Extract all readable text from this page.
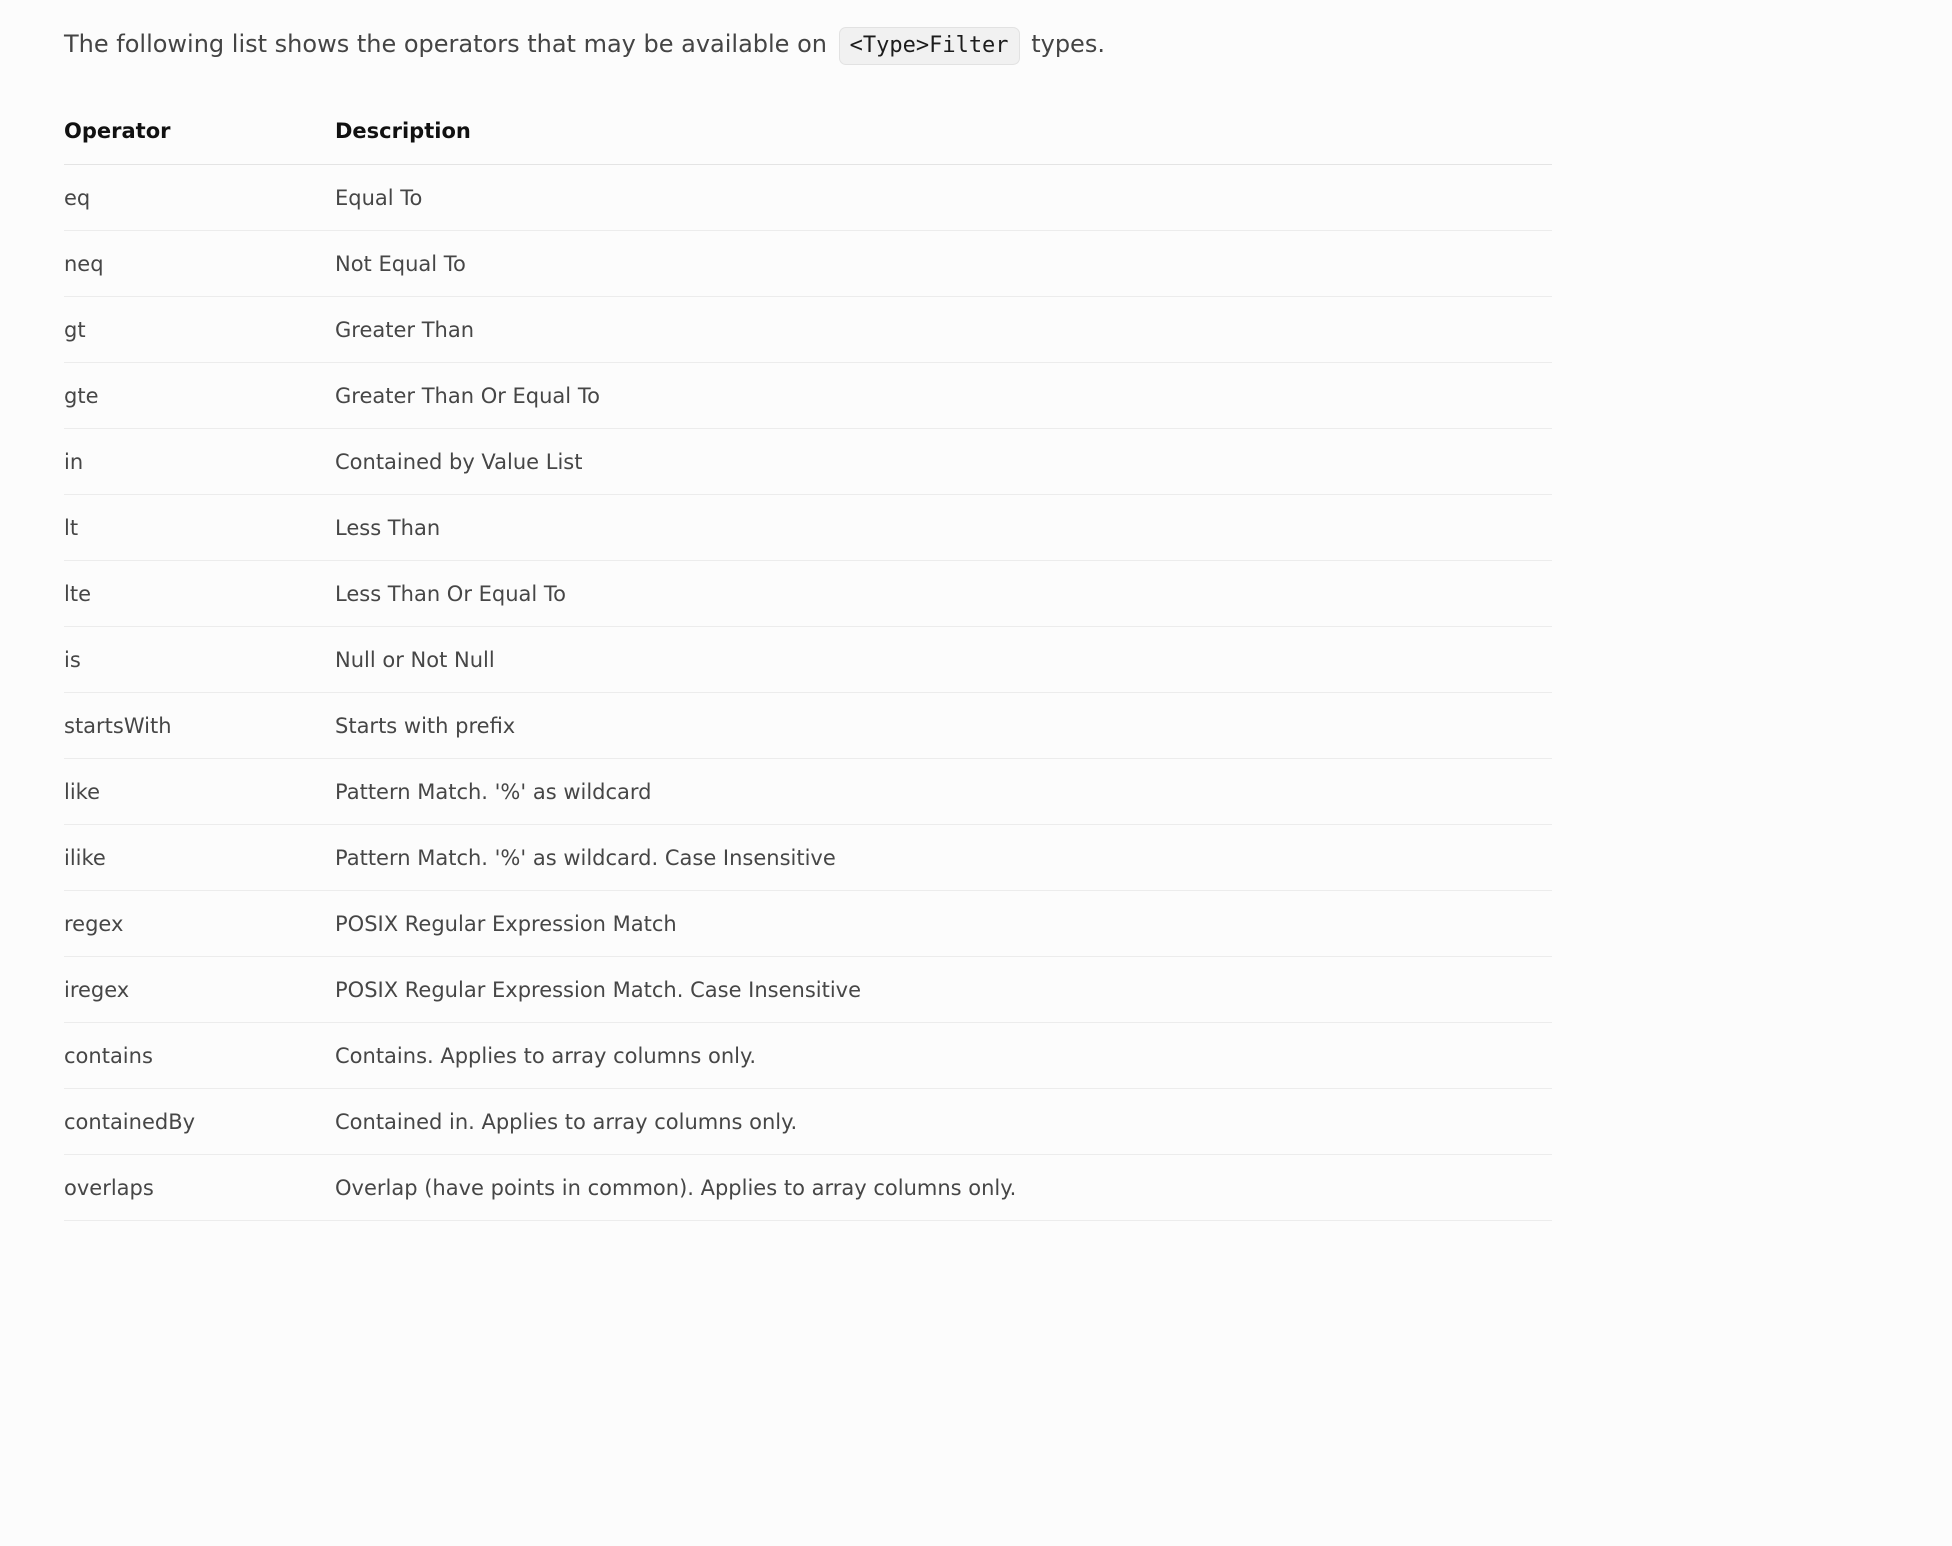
The following list shows the operators that may be available on <Type>Filter types.

Operator	Description
eq	Equal To
neq	Not Equal To
gt	Greater Than
gte	Greater Than Or Equal To
in	Contained by Value List
lt	Less Than
lte	Less Than Or Equal To
is	Null or Not Null
startsWith	Starts with prefix
like	Pattern Match. '%' as wildcard
ilike	Pattern Match. '%' as wildcard. Case Insensitive
regex	POSIX Regular Expression Match
iregex	POSIX Regular Expression Match. Case Insensitive
contains	Contains. Applies to array columns only.
containedBy	Contained in. Applies to array columns only.
overlaps	Overlap (have points in common). Applies to array columns only.
